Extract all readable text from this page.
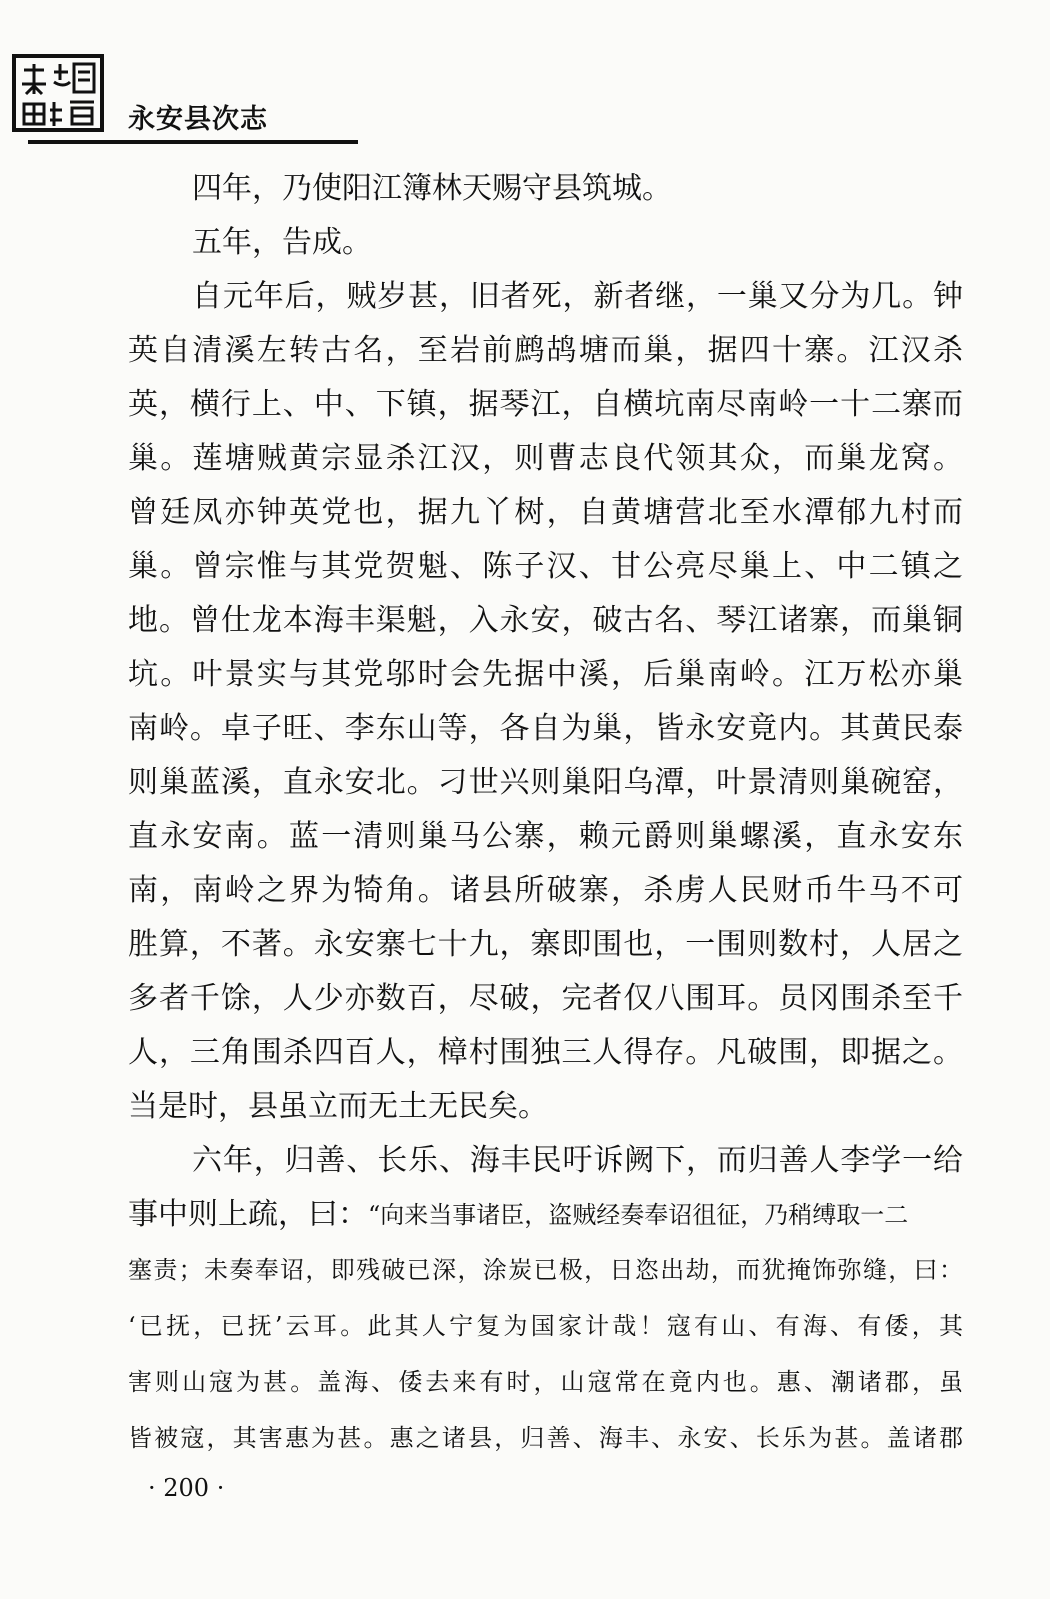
永安县次志
四年，乃使阳江簿林天赐守县筑城。
五年，告成。
自元年后，贼岁甚，旧者死，新者继，一巢又分为几。钟
英自清溪左转古名，至岩前鹧鸪塘而巢，据四十寨。江汉杀
英，横行上、中、下镇，据琴江，自横坑南尽南岭一十二寨而
巢。莲塘贼黄宗显杀江汉，则曹志良代领其众，而巢龙窝。
曾廷凤亦钟英党也，据九丫树，自黄塘营北至水潭郁九村而
巢。曾宗惟与其党贺魁、陈子汉、甘公亮尽巢上、中二镇之
地。曾仕龙本海丰渠魁，入永安，破古名、琴江诸寨，而巢铜
坑。叶景实与其党邬时会先据中溪，后巢南岭。江万松亦巢
南岭。卓子旺、李东山等，各自为巢，皆永安竟内。其黄民泰
则巢蓝溪，直永安北。刁世兴则巢阳乌潭，叶景清则巢碗窑，
直永安南。蓝一清则巢马公寨，赖元爵则巢螺溪，直永安东
南，南岭之界为犄角。诸县所破寨，杀虏人民财币牛马不可
胜算，不著。永安寨七十九，寨即围也，一围则数村，人居之
多者千馀，人少亦数百，尽破，完者仅八围耳。员冈围杀至千
人，三角围杀四百人，樟村围独三人得存。凡破围，即据之。
当是时，县虽立而无土无民矣。
六年，归善、长乐、海丰民吁诉阙下，而归善人李学一给
事中则上疏，曰： “向来当事诸臣，盗贼经奏奉诏徂征，乃稍缚取一二
塞责；未奏奉诏，即残破已深，涂炭已极，日恣出劫，而犹掩饰弥缝，曰：
‘已抚，已抚’云耳。此其人宁复为国家计哉！寇有山、有海、有倭，其
害则山寇为甚。盖海、倭去来有时，山寇常在竟内也。惠、潮诸郡，虽
皆被寇，其害惠为甚。惠之诸县，归善、海丰、永安、长乐为甚。盖诸郡
· 200 ·
